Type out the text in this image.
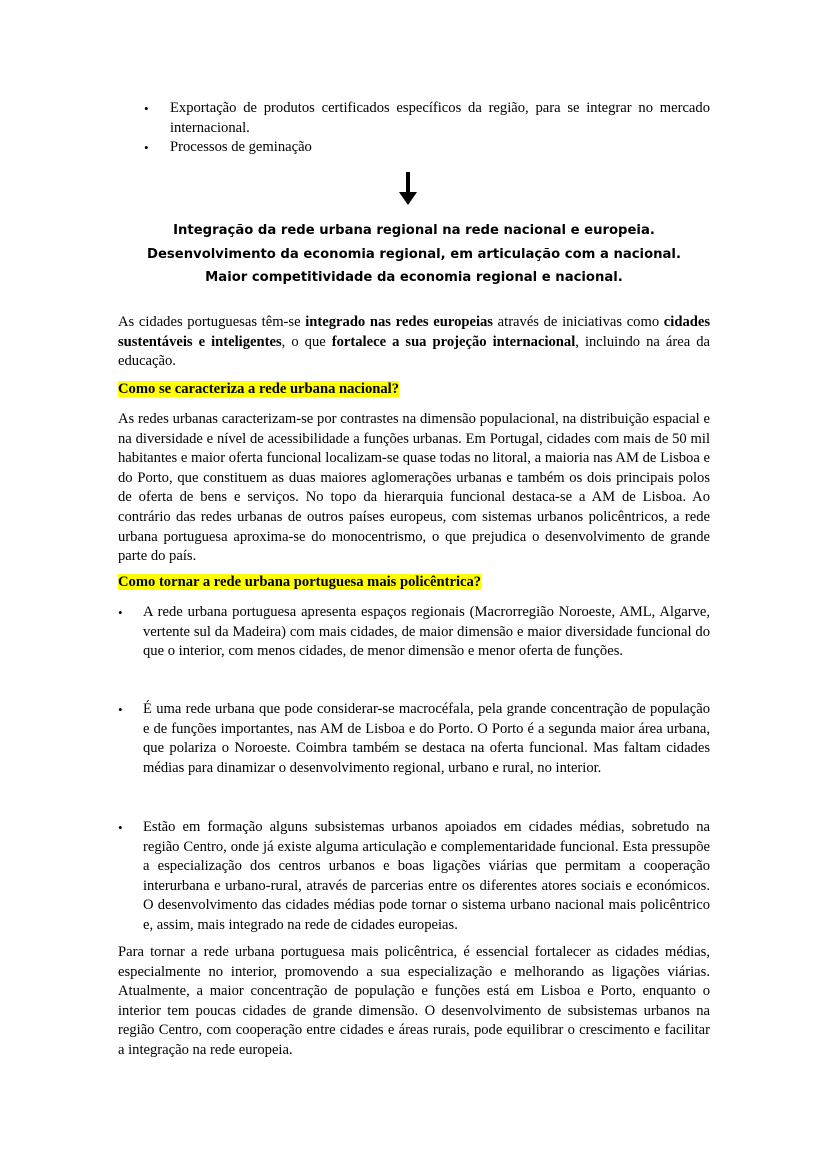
• Exportação de produtos certificados específicos da região, para se integrar no mercado internacional.
• Processos de geminação
Integração da rede urbana regional na rede nacional e europeia.
Desenvolvimento da economia regional, em articulação com a nacional.
Maior competitividade da economia regional e nacional.

As cidades portuguesas têm-se integrado nas redes europeias através de iniciativas como cidades sustentáveis e inteligentes, o que fortalece a sua projeção internacional, incluindo na área da educação.

Como se caracteriza a rede urbana nacional?

As redes urbanas caracterizam-se por contrastes na dimensão populacional, na distribuição espacial e na diversidade e nível de acessibilidade a funções urbanas. Em Portugal, cidades com mais de 50 mil habitantes e maior oferta funcional localizam-se quase todas no litoral, a maioria nas AM de Lisboa e do Porto, que constituem as duas maiores aglomerações urbanas e também os dois principais polos de oferta de bens e serviços. No topo da hierarquia funcional destaca-se a AM de Lisboa. Ao contrário das redes urbanas de outros países europeus, com sistemas urbanos policêntricos, a rede urbana portuguesa aproxima-se do monocentrismo, o que prejudica o desenvolvimento de grande parte do país.

Como tornar a rede urbana portuguesa mais policêntrica?

• A rede urbana portuguesa apresenta espaços regionais (Macrorregião Noroeste, AML, Algarve, vertente sul da Madeira) com mais cidades, de maior dimensão e maior diversidade funcional do que o interior, com menos cidades, de menor dimensão e menor oferta de funções.
• É uma rede urbana que pode considerar-se macrocéfala, pela grande concentração de população e de funções importantes, nas AM de Lisboa e do Porto. O Porto é a segunda maior área urbana, que polariza o Noroeste. Coimbra também se destaca na oferta funcional. Mas faltam cidades médias para dinamizar o desenvolvimento regional, urbano e rural, no interior.
• Estão em formação alguns subsistemas urbanos apoiados em cidades médias, sobretudo na região Centro, onde já existe alguma articulação e complementaridade funcional. Esta pressupõe a especialização dos centros urbanos e boas ligações viárias que permitam a cooperação interurbana e urbano-rural, através de parcerias entre os diferentes atores sociais e económicos. O desenvolvimento das cidades médias pode tornar o sistema urbano nacional mais policêntrico e, assim, mais integrado na rede de cidades europeias.

Para tornar a rede urbana portuguesa mais policêntrica, é essencial fortalecer as cidades médias, especialmente no interior, promovendo a sua especialização e melhorando as ligações viárias. Atualmente, a maior concentração de população e funções está em Lisboa e Porto, enquanto o interior tem poucas cidades de grande dimensão. O desenvolvimento de subsistemas urbanos na região Centro, com cooperação entre cidades e áreas rurais, pode equilibrar o crescimento e facilitar a integração na rede europeia.
